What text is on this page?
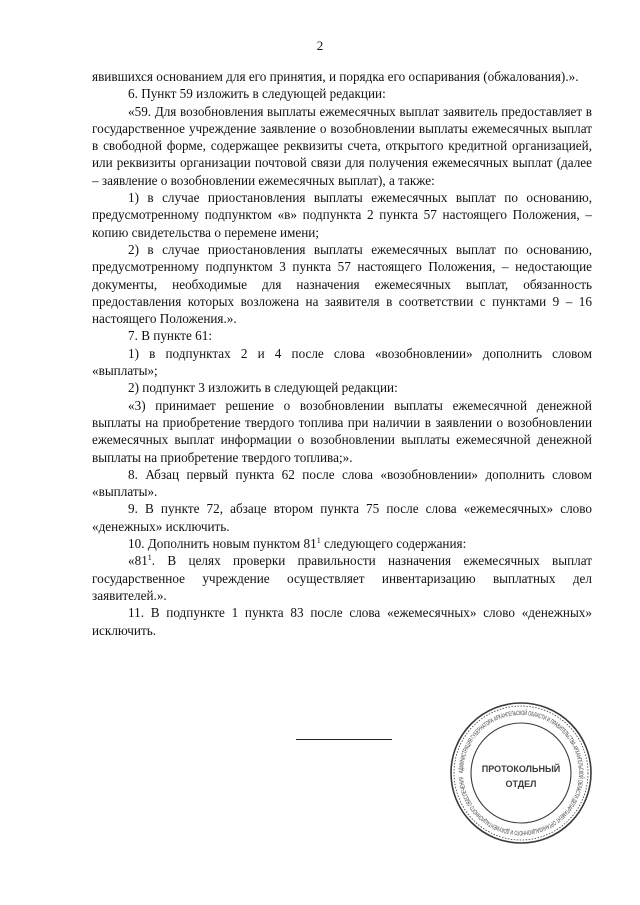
2

явившихся основанием для его принятия, и порядка его оспаривания (обжалования).».

6. Пункт 59 изложить в следующей редакции:

«59. Для возобновления выплаты ежемесячных выплат заявитель предоставляет в государственное учреждение заявление о возобновлении выплаты ежемесячных выплат в свободной форме, содержащее реквизиты счета, открытого кредитной организацией, или реквизиты организации почтовой связи для получения ежемесячных выплат (далее – заявление о возобновлении ежемесячных выплат), а также:

1) в случае приостановления выплаты ежемесячных выплат по основанию, предусмотренному подпунктом «в» подпункта 2 пункта 57 настоящего Положения, – копию свидетельства о перемене имени;

2) в случае приостановления выплаты ежемесячных выплат по основанию, предусмотренному подпунктом 3 пункта 57 настоящего Положения, – недостающие документы, необходимые для назначения ежемесячных выплат, обязанность предоставления которых возложена на заявителя в соответствии с пунктами 9 – 16 настоящего Положения.».

7. В пункте 61:

1) в подпунктах 2 и 4 после слова «возобновлении» дополнить словом «выплаты»;

2) подпункт 3 изложить в следующей редакции:

«3) принимает решение о возобновлении выплаты ежемесячной денежной выплаты на приобретение твердого топлива при наличии в заявлении о возобновлении ежемесячных выплат информации о возобновлении выплаты ежемесячной денежной выплаты на приобретение твердого топлива;».

8. Абзац первый пункта 62 после слова «возобновлении» дополнить словом «выплаты».

9. В пункте 72, абзаце втором пункта 75 после слова «ежемесячных» слово «денежных» исключить.

10. Дополнить новым пунктом $81^1$ следующего содержания:

«$81^1$. В целях проверки правильности назначения ежемесячных выплат государственное учреждение осуществляет инвентаризацию выплатных дел заявителей.».

11. В подпункте 1 пункта 83 после слова «ежемесячных» слово «денежных» исключить.

АДМИНИСТРАЦИЯ ГУБЕРНАТОРА АРХАНГЕЛЬСКОЙ ОБЛАСТИ И ПРАВИТЕЛЬСТВА АРХАНГЕЛЬСКОЙ ОБЛАСТИ ДЕПАРТАМЕНТ ОРГАНИЗАЦИОННОГО И ДОКУМЕНТАЦИОННОГО ОБЕСПЕЧЕНИЯ
ПРОТОКОЛЬНЫЙ
ОТДЕЛ
